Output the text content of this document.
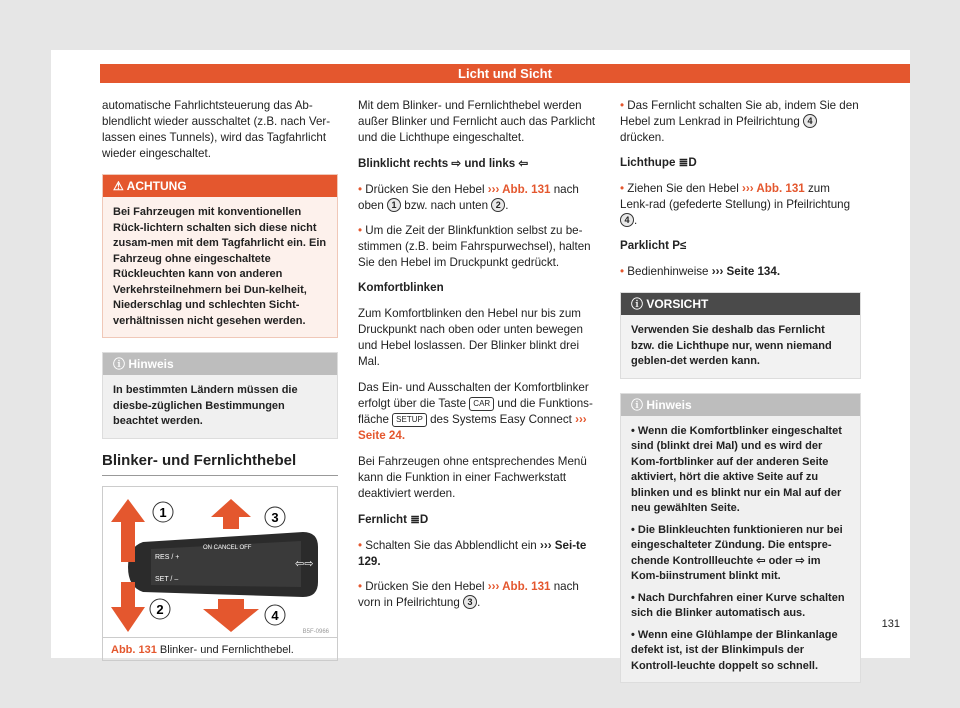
Licht und Sicht

automatische Fahrlichtsteuerung das Ab-blendlicht wieder ausschaltet (z.B. nach Ver-lassen eines Tunnels), wird das Tagfahrlicht wieder eingeschaltet.

⚠ ACHTUNG
Bei Fahrzeugen mit konventionellen Rück-lichtern schalten sich diese nicht zusam-men mit dem Tagfahrlicht ein. Ein Fahrzeug ohne eingeschaltete Rückleuchten kann von anderen Verkehrsteilnehmern bei Dun-kelheit, Niederschlag und schlechten Sicht-verhältnissen nicht gesehen werden.
ⓘ Hinweis
In bestimmten Ländern müssen die diesbe-züglichen Bestimmungen beachtet werden.
Blinker- und Fernlichthebel
1
2
3
4
RES / +
ON CANCEL OFF
SET / –
⇦⇨
B5F-0966
Abb. 131 Blinker- und Fernlichthebel.

Mit dem Blinker- und Fernlichthebel werden außer Blinker und Fernlicht auch das Parklicht und die Lichthupe eingeschaltet.

Blinklicht rechts ⇨ und links ⇦

• Drücken Sie den Hebel ››› Abb. 131 nach oben 1 bzw. nach unten 2 .

• Um die Zeit der Blinkfunktion selbst zu be-stimmen (z.B. beim Fahrspurwechsel), halten Sie den Hebel im Druckpunkt gedrückt.

Komfortblinken

Zum Komfortblinken den Hebel nur bis zum Druckpunkt nach oben oder unten bewegen und Hebel loslassen. Der Blinker blinkt drei Mal.

Das Ein- und Ausschalten der Komfortblinker erfolgt über die Taste CAR und die Funktions-fläche SETUP des Systems Easy Connect ››› Seite 24.

Bei Fahrzeugen ohne entsprechendes Menü kann die Funktion in einer Fachwerkstatt deaktiviert werden.

Fernlicht ≣D

• Schalten Sie das Abblendlicht ein ››› Sei-te 129.

• Drücken Sie den Hebel ››› Abb. 131 nach vorn in Pfeilrichtung 3 .

• Das Fernlicht schalten Sie ab, indem Sie den Hebel zum Lenkrad in Pfeilrichtung 4 drücken.

Lichthupe ≣D

• Ziehen Sie den Hebel ››› Abb. 131 zum Lenk-rad (gefederte Stellung) in Pfeilrichtung 4 .

Parklicht P≤

• Bedienhinweise ››› Seite 134.

ⓘ VORSICHT
Verwenden Sie deshalb das Fernlicht bzw. die Lichthupe nur, wenn niemand geblen-det werden kann.
ⓘ Hinweis
• Wenn die Komfortblinker eingeschaltet sind (blinkt drei Mal) und es wird der Kom-fortblinker auf der anderen Seite aktiviert, hört die aktive Seite auf zu blinken und es blinkt nur ein Mal auf der neu gewählten Seite.
• Die Blinkleuchten funktionieren nur bei eingeschalteter Zündung. Die entspre-chende Kontrollleuchte ⇦ oder ⇨ im Kom-biinstrument blinkt mit.
• Nach Durchfahren einer Kurve schalten sich die Blinker automatisch aus.
• Wenn eine Glühlampe der Blinkanlage defekt ist, ist der Blinkimpuls der Kontroll-leuchte doppelt so schnell.
131
